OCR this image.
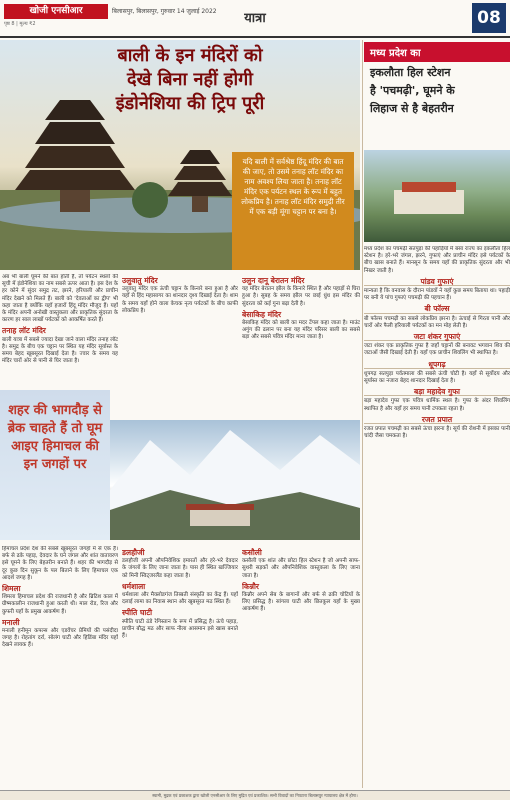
खोजी एनसीआर
पृष्ठ 8 | मूल्य ₹2
बिलासपुर, बिलासपुर, गुरुवार 14 जुलाई 2022	यात्रा	08
बाली के इन मंदिरों को
देखे बिना नहीं होगी
इंडोनेशिया की ट्रिप पूरी
यदि बाली में सर्वश्रेष्ठ हिंदू मंदिर की बात की जाए, तो उसमे तनाह लॉट मंदिर का नाम अवश्य लिया जाता है। तनाह लॉट मंदिर एक पर्यटन स्थल के रूप में बहुत लोकप्रिय है। तनाह लॉट मंदिर समुद्री तीर में एक बड़ी मूंगा चट्टान पर बना है।
मध्य प्रदेश का
इकलौता हिल स्टेशन
है 'पचमढ़ी', घूमने के
लिहाज से है बेहतरीन
मध्य प्रदेश का पचमढ़ी सतपुड़ा की पहाड़ियों में बसा राज्य का इकलौता हिल स्टेशन है। हरे-भरे जंगल, झरने, गुफाएं और प्राचीन मंदिर इसे पर्यटकों के बीच खास बनाते हैं। मानसून के समय यहाँ की प्राकृतिक सुंदरता और भी निखर जाती है।
पांडव गुफाएं
मान्यता है कि वनवास के दौरान पांडवों ने यहाँ कुछ समय बिताया था। पहाड़ी पर बनी ये पांच गुफाएं पचमढ़ी की पहचान हैं।
बी फॉल्स
बी फॉल्स पचमढ़ी का सबसे लोकप्रिय झरना है। ऊंचाई से गिरता पानी और चारों ओर फैली हरियाली पर्यटकों का मन मोह लेती है।
जटा शंकर गुफाएं
जटा शंकर एक प्राकृतिक गुफा है जहाँ चट्टानों की बनावट भगवान शिव की जटाओं जैसी दिखाई देती है। यहाँ एक प्राचीन शिवलिंग भी स्थापित है।
धूपगढ़
धूपगढ़ सतपुड़ा पर्वतमाला की सबसे ऊंची चोटी है। यहाँ से सूर्योदय और सूर्यास्त का नजारा बेहद शानदार दिखाई देता है।
बड़ा महादेव गुफा
बड़ा महादेव गुफा एक पवित्र धार्मिक स्थल है। गुफा के अंदर शिवलिंग स्थापित है और यहाँ हर समय पानी टपकता रहता है।
रजत प्रपात
रजत प्रपात पचमढ़ी का सबसे ऊंचा झरना है। सूर्य की रोशनी में इसका पानी चांदी जैसा चमकता है।
अब भी बाली घूमने की बात होती है, तो पर्यटन स्थलों की सूची में इंडोनेशिया का नाम सबसे ऊपर आता है। इस देश के हर कोने में सुंदर समुद्र तट, झरने, हरियाली और प्राचीन मंदिर देखने को मिलते हैं। बाली को 'देवताओं का द्वीप' भी कहा जाता है क्योंकि यहाँ हजारों हिंदू मंदिर मौजूद हैं। यहाँ के मंदिर अपनी अनोखी वास्तुकला और प्राकृतिक सुंदरता के कारण हर साल लाखों पर्यटकों को आकर्षित करते हैं।
तनाह लॉट मंदिर
बाली यात्रा में सबसे ज्यादा देखा जाने वाला मंदिर तनाह लॉट है। समुद्र के बीच एक चट्टान पर स्थित यह मंदिर सूर्यास्त के समय बेहद खूबसूरत दिखाई देता है। ज्वार के समय यह मंदिर चारों ओर से पानी से घिर जाता है।
उलुवातु मंदिर
उलुवातु मंदिर एक ऊंची चट्टान के किनारे बना हुआ है और यहाँ से हिंद महासागर का शानदार दृश्य दिखाई देता है। शाम के समय यहाँ होने वाला केचक नृत्य पर्यटकों के बीच काफी लोकप्रिय है।
उलुन दानू बेरातन मंदिर
यह मंदिर बेरातन झील के किनारे स्थित है और पहाड़ों से घिरा हुआ है। सुबह के समय झील पर छाई धुंध इस मंदिर की सुंदरता को कई गुना बढ़ा देती है।
बेसाकिह मंदिर
बेसाकिह मंदिर को बाली का मदर टेंपल कहा जाता है। माउंट अगुंग की ढलान पर बना यह मंदिर परिसर बाली का सबसे बड़ा और सबसे पवित्र मंदिर माना जाता है।
शहर की भागदौड़ से ब्रेक चाहते हैं तो घूम आइए हिमाचल की इन जगहों पर
हिमाचल प्रदेश देश की सबसे खूबसूरत जगहों में से एक है। बर्फ से ढके पहाड़, देवदार के घने जंगल और शांत वातावरण इसे घूमने के लिए बेहतरीन बनाते हैं। शहर की भागदौड़ से दूर कुछ दिन सुकून के पल बिताने के लिए हिमाचल एक आदर्श जगह है।
शिमला
शिमला हिमाचल प्रदेश की राजधानी है और ब्रिटिश काल में ग्रीष्मकालीन राजधानी हुआ करती थी। माल रोड, रिज और कुफरी यहाँ के प्रमुख आकर्षण हैं।
मनाली
मनाली हनीमून कपल्स और एडवेंचर प्रेमियों की पसंदीदा जगह है। रोहतांग दर्रा, सोलंग घाटी और हिडिंबा मंदिर यहाँ देखने लायक हैं।
डलहौजी
डलहौजी अपनी औपनिवेशिक इमारतों और हरे-भरे देवदार के जंगलों के लिए जाना जाता है। पास ही स्थित खज्जियार को मिनी स्विट्जरलैंड कहा जाता है।
धर्मशाला
धर्मशाला और मैक्लोडगंज तिब्बती संस्कृति का केंद्र हैं। यहाँ दलाई लामा का निवास स्थान और खूबसूरत मठ स्थित हैं।
स्पीति घाटी
स्पीति घाटी ठंडे रेगिस्तान के रूप में प्रसिद्ध है। ऊंचे पहाड़, प्राचीन बौद्ध मठ और साफ नीला आसमान इसे खास बनाते हैं।
कसौली
कसौली एक शांत और छोटा हिल स्टेशन है जो अपनी साफ-सुथरी सड़कों और औपनिवेशिक वास्तुकला के लिए जाना जाता है।
किन्नौर
किन्नौर अपने सेब के बागानों और बर्फ से ढकी चोटियों के लिए प्रसिद्ध है। सांगला घाटी और छितकुल यहाँ के मुख्य आकर्षण हैं।
स्वामी, मुद्रक एवं प्रकाशक द्वारा खोजी एनसीआर के लिए मुद्रित एवं प्रकाशित। सभी विवादों का निपटारा बिलासपुर न्यायालय क्षेत्र में होगा।
